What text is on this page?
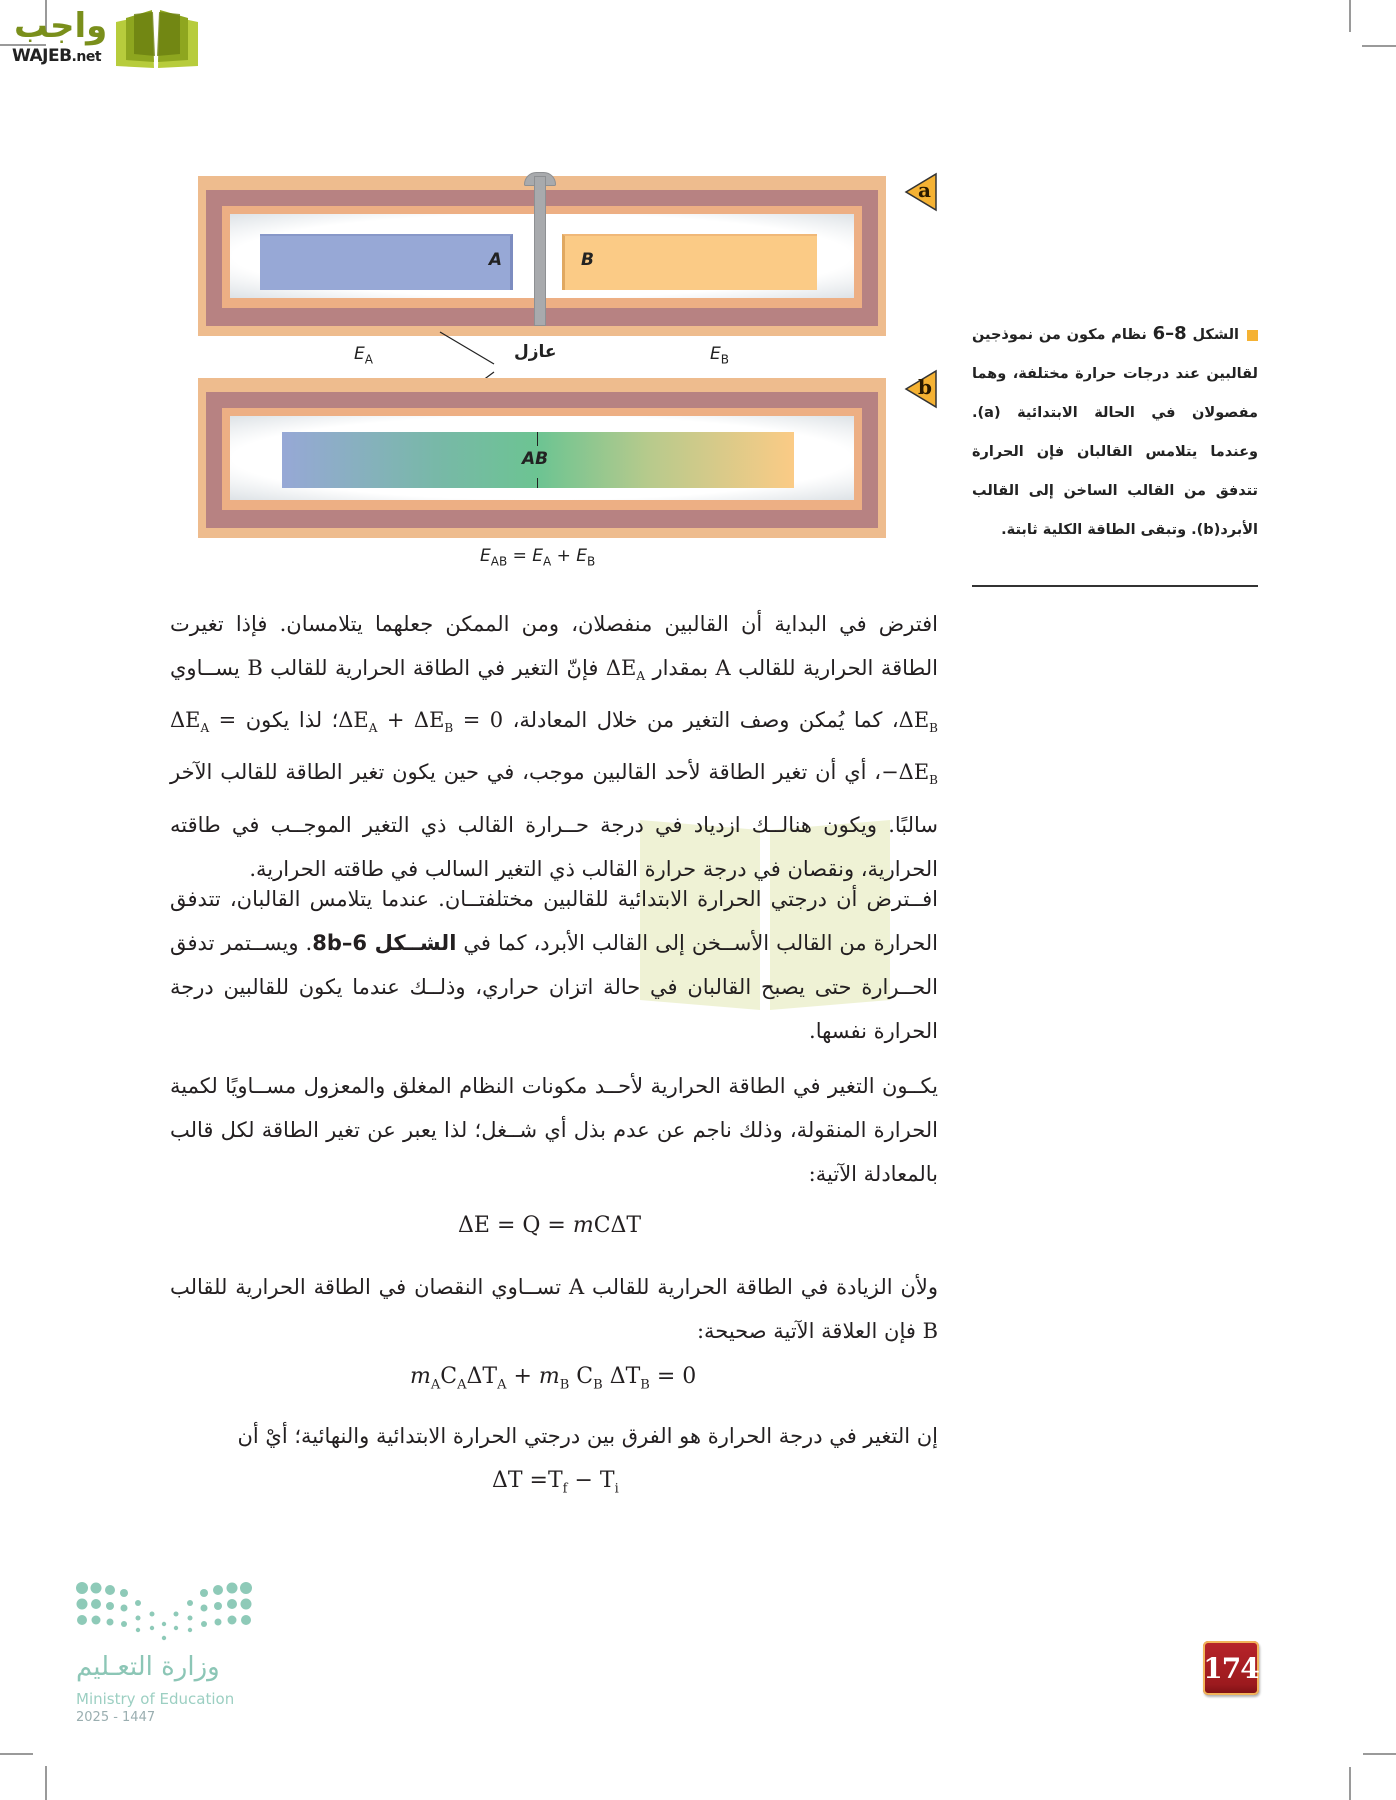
واجب
WAJEB.net
A	B
$E_A$	عازل	$E_B$
AB
$E_{AB} = E_A + E_B$
a
b
الشكل 6–8 نظام مكون من نموذجين لقالبين عند درجات حرارة مختلفة، وهما مفصولان في الحالة الابتدائية (a). وعندما يتلامس القالبان فإن الحرارة تتدفق من القالب الساخن إلى القالب الأبرد(b). وتبقى الطاقة الكلية ثابتة.
افترض في البداية أن القالبين منفصلان، ومن الممكن جعلهما يتلامسان. فإذا تغيرت الطاقة الحرارية للقالب A بمقدار $\Delta E_A$ فإنّ التغير في الطاقة الحرارية للقالب B يســاوي $\Delta E_B،$ كما يُمكن وصف التغير من خلال المعادلة، $\Delta E_A + \Delta E_B$ = 0؛ لذا يكون $\Delta E_A$ = $-\Delta E_B،$ أي أن تغير الطاقة لأحد القالبين موجب، في حين يكون تغير الطاقة للقالب الآخر سالبًا. ويكون هنالــك ازدياد في درجة حــرارة القالب ذي التغير الموجــب في طاقته الحرارية، ونقصان في درجة حرارة القالب ذي التغير السالب في طاقته الحرارية.
افــترض أن درجتي الحرارة الابتدائية للقالبين مختلفتــان. عندما يتلامس القالبان، تتدفق الحرارة من القالب الأســخن إلى القالب الأبرد، كما في الشــكل 6–8b. ويســتمر تدفق الحــرارة حتى يصبح القالبان في حالة اتزان حراري، وذلــك عندما يكون للقالبين درجة الحرارة نفسها.
يكــون التغير في الطاقة الحرارية لأحــد مكونات النظام المغلق والمعزول مســاويًا لكمية الحرارة المنقولة، وذلك ناجم عن عدم بذل أي شــغل؛ لذا يعبر عن تغير الطاقة لكل قالب بالمعادلة الآتية:
ΔE = Q = mCΔT
ولأن الزيادة في الطاقة الحرارية للقالب A تســاوي النقصان في الطاقة الحرارية للقالب B فإن العلاقة الآتية صحيحة:
$m_AC_A\Delta T_A + m_B$ $C_B$ $\Delta T_B = 0$
إن التغير في درجة الحرارة هو الفرق بين درجتي الحرارة الابتدائية والنهائية؛ أيْ أن
$\Delta T =T_f - T_i$
وزارة التعـليم
Ministry of Education
2025 - 1447
174
